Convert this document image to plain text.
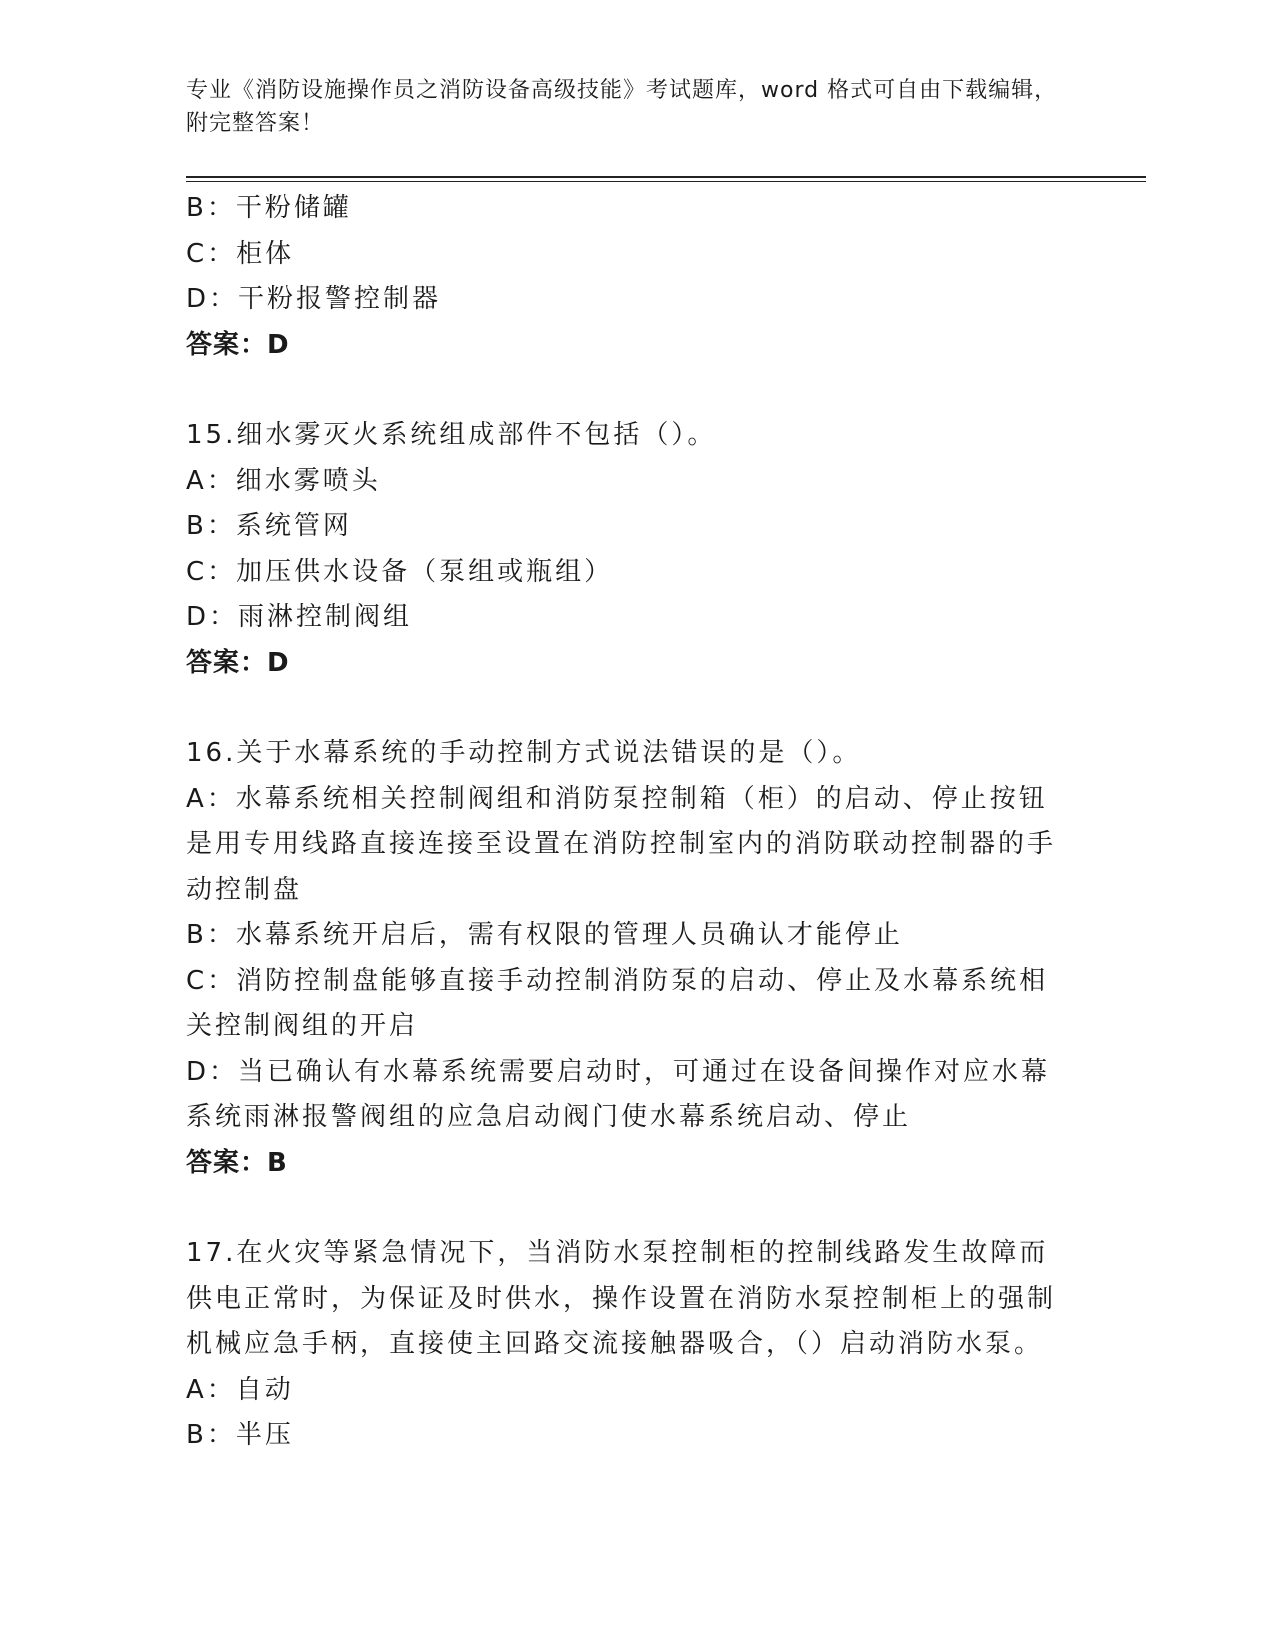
专业《消防设施操作员之消防设备高级技能》考试题库，word 格式可自由下载编辑，附完整答案！
B：干粉储罐
C：柜体
D：干粉报警控制器
答案：D
15.细水雾灭火系统组成部件不包括（）。
A：细水雾喷头
B：系统管网
C：加压供水设备（泵组或瓶组）
D：雨淋控制阀组
答案：D
16.关于水幕系统的手动控制方式说法错误的是（）。
A：水幕系统相关控制阀组和消防泵控制箱（柜）的启动、停止按钮是用专用线路直接连接至设置在消防控制室内的消防联动控制器的手动控制盘
B：水幕系统开启后，需有权限的管理人员确认才能停止
C：消防控制盘能够直接手动控制消防泵的启动、停止及水幕系统相关控制阀组的开启
D：当已确认有水幕系统需要启动时，可通过在设备间操作对应水幕系统雨淋报警阀组的应急启动阀门使水幕系统启动、停止
答案：B
17.在火灾等紧急情况下，当消防水泵控制柜的控制线路发生故障而供电正常时，为保证及时供水，操作设置在消防水泵控制柜上的强制机械应急手柄，直接使主回路交流接触器吸合，（）启动消防水泵。
A：自动
B：半压
